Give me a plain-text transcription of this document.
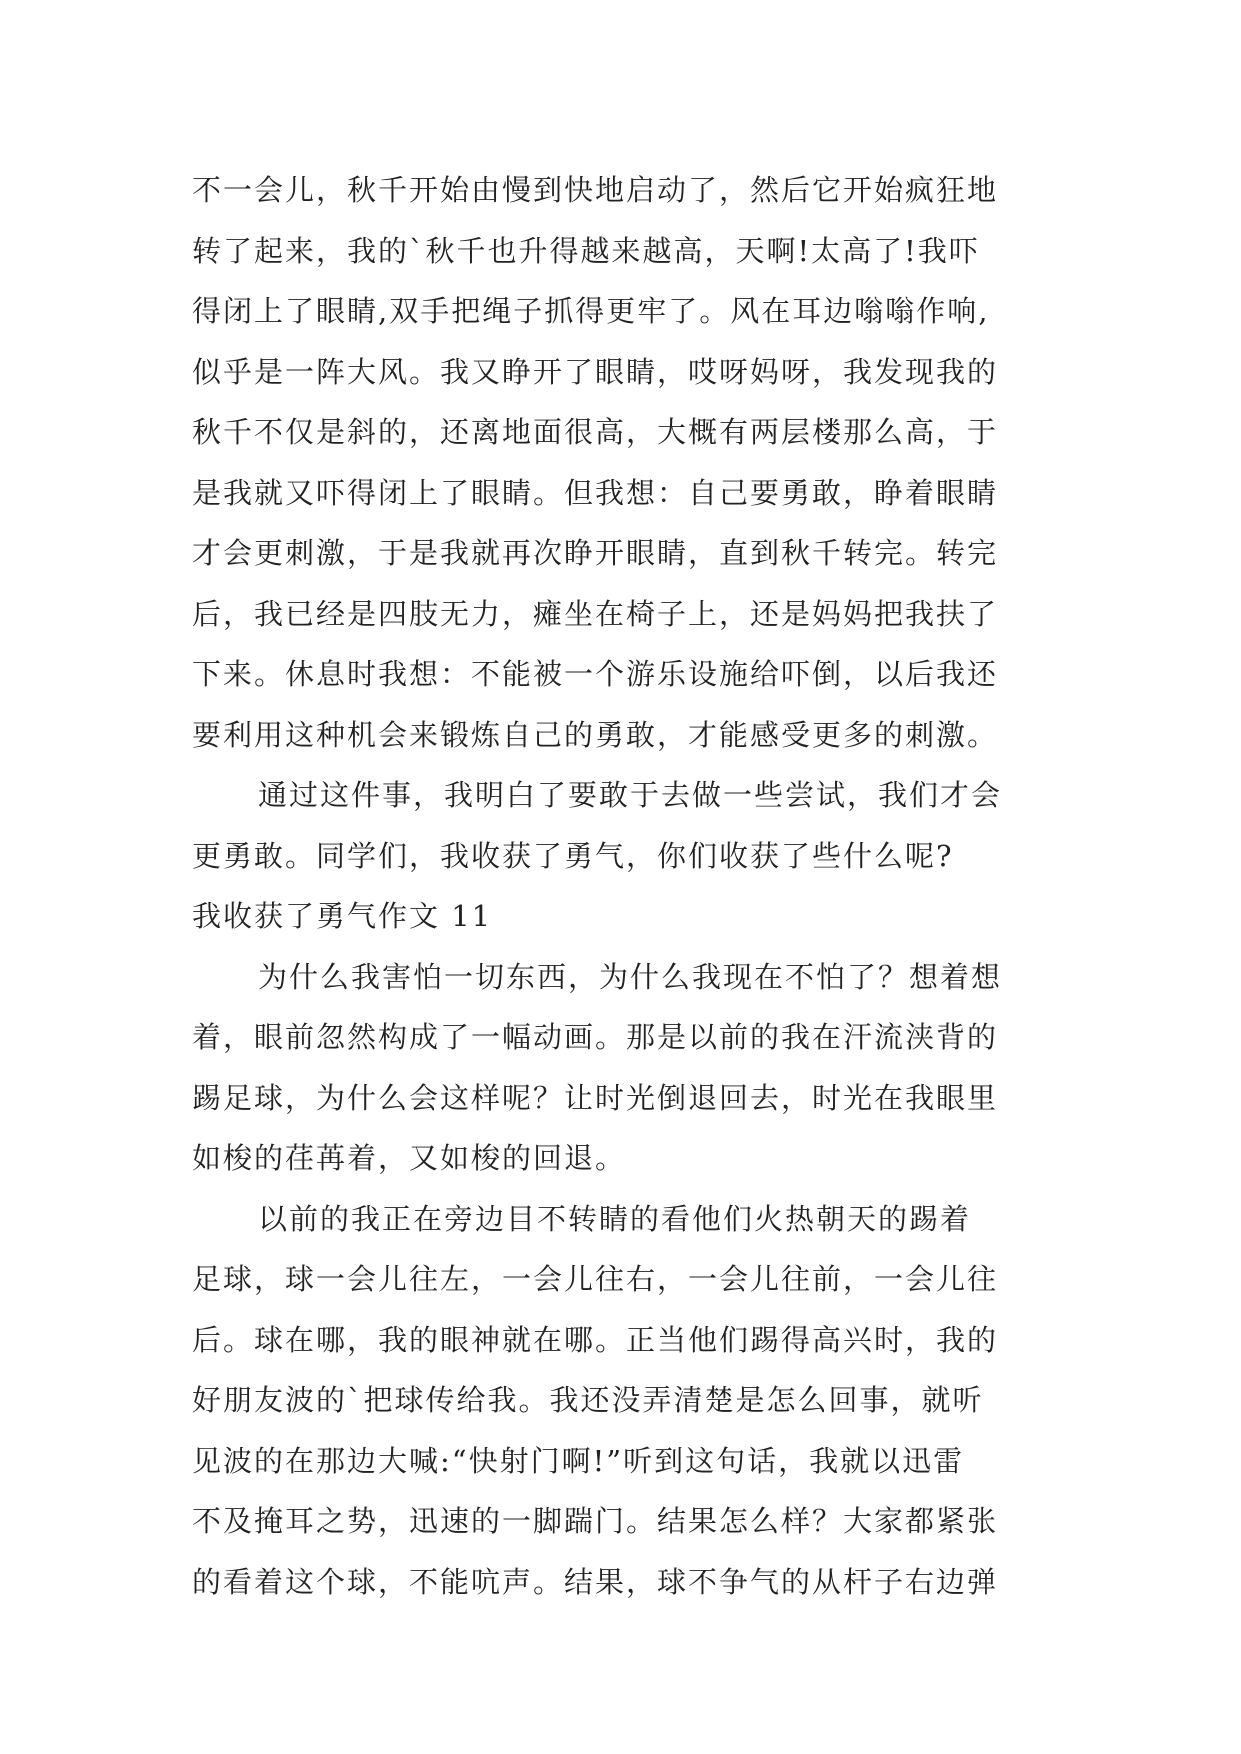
不一会儿，秋千开始由慢到快地启动了，然后它开始疯狂地
转了起来，我的`秋千也升得越来越高，天啊!太高了!我吓
得闭上了眼睛,双手把绳子抓得更牢了。风在耳边嗡嗡作响,
似乎是一阵大风。我又睁开了眼睛，哎呀妈呀，我发现我的
秋千不仅是斜的，还离地面很高，大概有两层楼那么高，于
是我就又吓得闭上了眼睛。但我想：自己要勇敢，睁着眼睛
才会更刺激，于是我就再次睁开眼睛，直到秋千转完。转完
后，我已经是四肢无力，瘫坐在椅子上，还是妈妈把我扶了
下来。休息时我想：不能被一个游乐设施给吓倒，以后我还
要利用这种机会来锻炼自己的勇敢，才能感受更多的刺激。
通过这件事，我明白了要敢于去做一些尝试，我们才会
更勇敢。同学们，我收获了勇气，你们收获了些什么呢?
我收获了勇气作文 11
为什么我害怕一切东西，为什么我现在不怕了？想着想
着，眼前忽然构成了一幅动画。那是以前的我在汗流浃背的
踢足球，为什么会这样呢？让时光倒退回去，时光在我眼里
如梭的荏苒着，又如梭的回退。
以前的我正在旁边目不转睛的看他们火热朝天的踢着
足球，球一会儿往左，一会儿往右，一会儿往前，一会儿往
后。球在哪，我的眼神就在哪。正当他们踢得高兴时，我的
好朋友波的`把球传给我。我还没弄清楚是怎么回事，就听
见波的在那边大喊:“快射门啊!”听到这句话，我就以迅雷
不及掩耳之势，迅速的一脚踹门。结果怎么样？大家都紧张
的看着这个球，不能吭声。结果，球不争气的从杆子右边弹
